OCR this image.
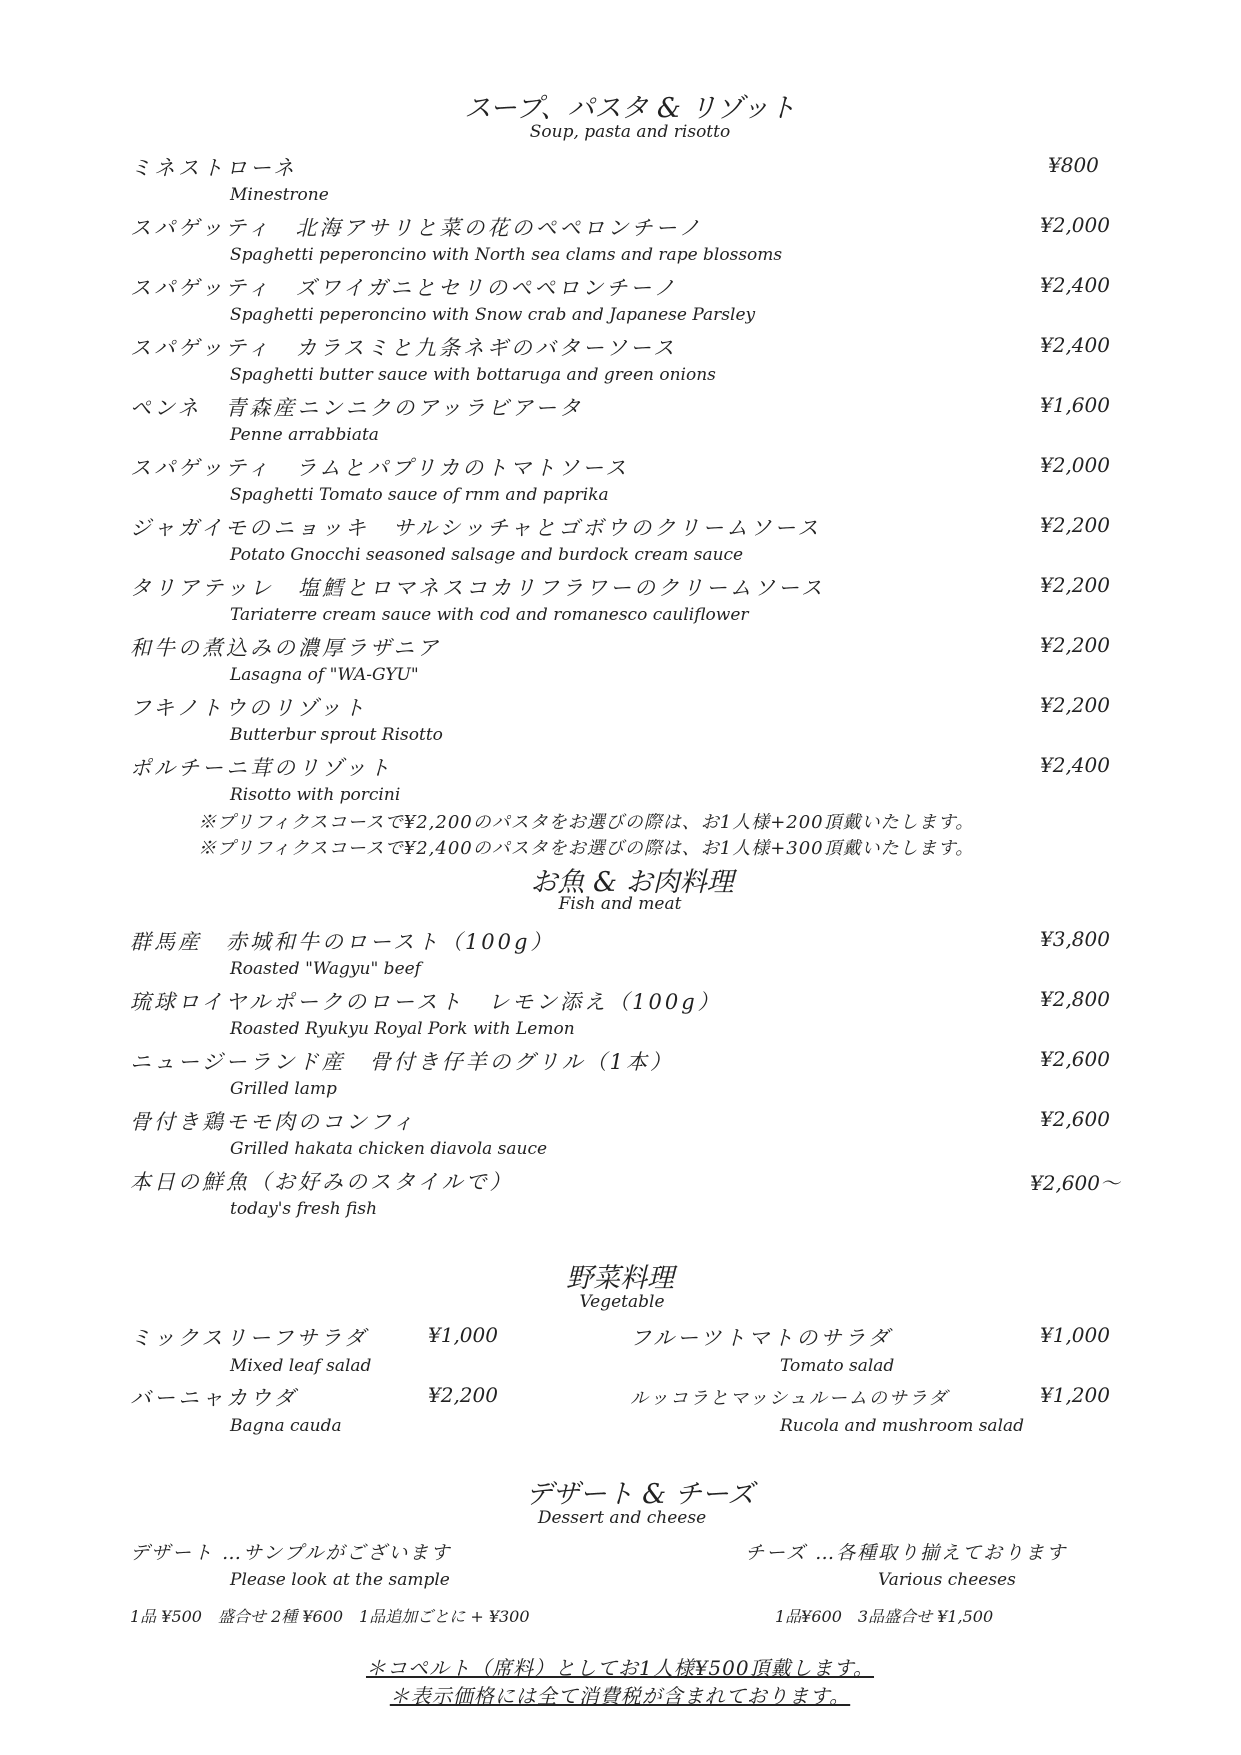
スープ、パスタ & リゾット
Soup, pasta and risotto
ミネストローネ
Minestrone
¥800
スパゲッティ　北海アサリと菜の花のペペロンチーノ
Spaghetti peperoncino with North sea clams and rape blossoms
¥2,000
スパゲッティ　ズワイガニとセリのペペロンチーノ
Spaghetti peperoncino with Snow crab and Japanese Parsley
¥2,400
スパゲッティ　カラスミと九条ネギのバターソース
Spaghetti butter sauce with bottaruga and green onions
¥2,400
ペンネ　青森産ニンニクのアッラビアータ
Penne arrabbiata
¥1,600
スパゲッティ　ラムとパプリカのトマトソース
Spaghetti Tomato sauce of rnm and paprika
¥2,000
ジャガイモのニョッキ　サルシッチャとゴボウのクリームソース
Potato Gnocchi seasoned salsage and burdock cream sauce
¥2,200
タリアテッレ　塩鱈とロマネスコカリフラワーのクリームソース
Tariaterre cream sauce with cod and romanesco cauliflower
¥2,200
和牛の煮込みの濃厚ラザニア
Lasagna of "WA-GYU"
¥2,200
フキノトウのリゾット
Butterbur sprout Risotto
¥2,200
ポルチーニ茸のリゾット
Risotto with porcini
¥2,400
※プリフィクスコースで¥2,200のパスタをお選びの際は、お1人様+200頂戴いたします。
※プリフィクスコースで¥2,400のパスタをお選びの際は、お1人様+300頂戴いたします。
お魚 & お肉料理
Fish and meat
群馬産　赤城和牛のロースト（100g）
Roasted "Wagyu" beef
¥3,800
琉球ロイヤルポークのロースト　レモン添え（100g）
Roasted Ryukyu Royal Pork with Lemon
¥2,800
ニュージーランド産　骨付き仔羊のグリル（1本）
Grilled lamp
¥2,600
骨付き鶏モモ肉のコンフィ
Grilled hakata chicken diavola sauce
¥2,600
本日の鮮魚（お好みのスタイルで）
today's fresh fish
¥2,600～
野菜料理
Vegetable
ミックスリーフサラダ
Mixed leaf salad
¥1,000	フルーツトマトのサラダ
Tomato salad
¥1,000
バーニャカウダ
Bagna cauda
¥2,200	ルッコラとマッシュルームのサラダ
Rucola and mushroom salad
¥1,200
デザート & チーズ
Dessert and cheese
デザート …サンプルがございます
Please look at the sample
1品 ¥500　盛合せ 2種 ¥600　1品追加ごとに + ¥300
チーズ …各種取り揃えております
Various cheeses
1品¥600　3品盛合せ ¥1,500
＊コペルト（席料）としてお1人様¥500頂戴します。
＊表示価格には全て消費税が含まれております。
